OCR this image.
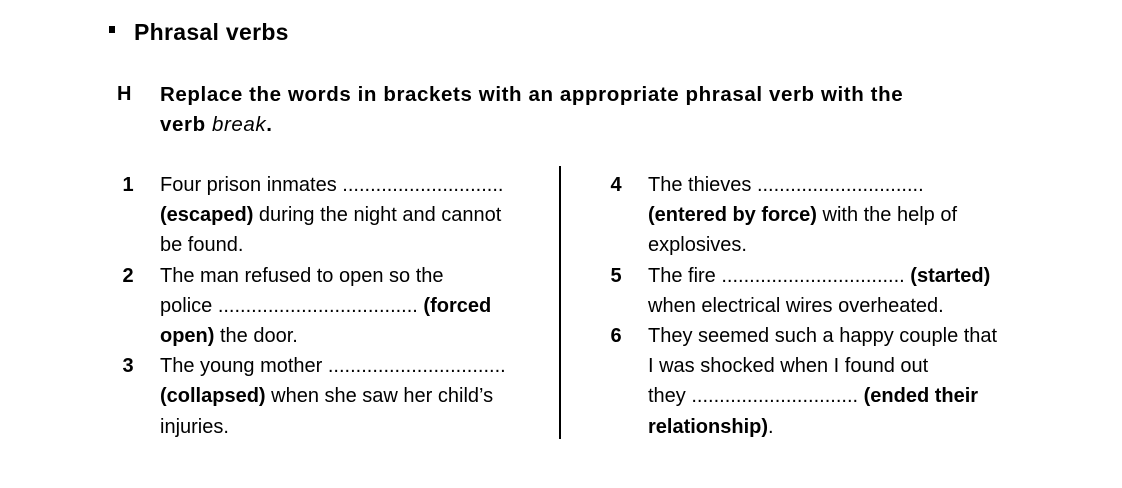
Phrasal verbs
H Replace the words in brackets with an appropriate phrasal verb with the
verb break.
1 Four prison inmates .............................
(escaped) during the night and cannot
be found.
2 The man refused to open so the
police .................................... (forced
open) the door.
3 The young mother ................................
(collapsed) when she saw her child’s
injuries.
4 The thieves ..............................
(entered by force) with the help of
explosives.
5 The fire ................................. (started)
when electrical wires overheated.
6 They seemed such a happy couple that
I was shocked when I found out
they .............................. (ended their
relationship).
